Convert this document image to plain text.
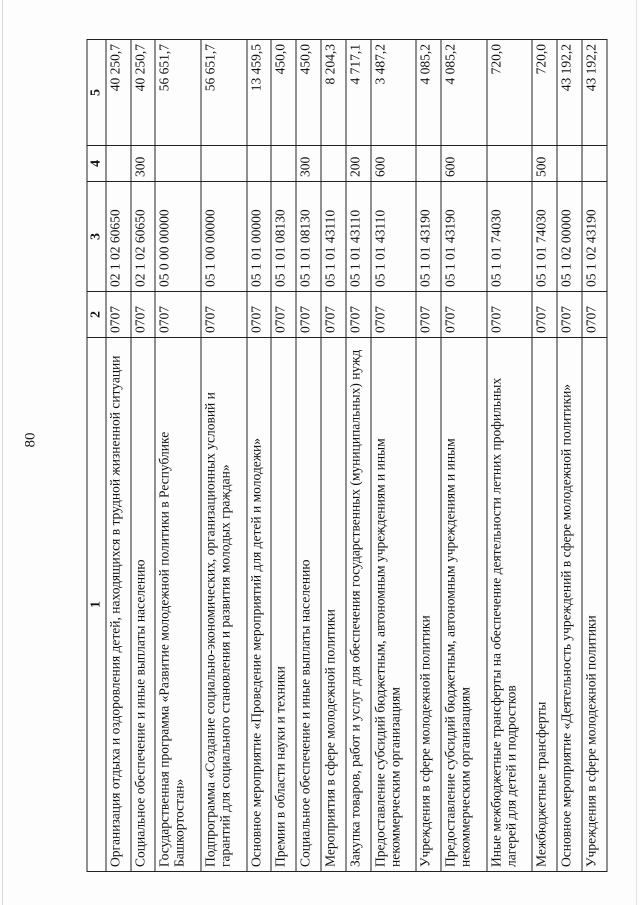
80
1	2	3	4	5
Организация отдыха и оздоровления детей, находящихся в трудной жизненной ситуации	0707	02 1 02 60650		40 250,7
Социальное обеспечение и иные выплаты населению	0707	02 1 02 60650	300	40 250,7
Государственная программа «Развитие молодежной политики в Республике Башкортостан»	0707	05 0 00 00000		56 651,7
Подпрограмма «Создание социально-экономических, организационных условий и гарантий для социального становления и развития молодых граждан»	0707	05 1 00 00000		56 651,7
Основное мероприятие «Проведение мероприятий для детей и молодежи»	0707	05 1 01 00000		13 459,5
Премии в области науки и техники	0707	05 1 01 08130		450,0
Социальное обеспечение и иные выплаты населению	0707	05 1 01 08130	300	450,0
Мероприятия в сфере молодежной политики	0707	05 1 01 43110		8 204,3
Закупка товаров, работ и услуг для обеспечения государственных (муниципальных) нужд	0707	05 1 01 43110	200	4 717,1
Предоставление субсидий бюджетным, автономным учреждениям и иным некоммерческим организациям	0707	05 1 01 43110	600	3 487,2
Учреждения в сфере молодежной политики	0707	05 1 01 43190		4 085,2
Предоставление субсидий бюджетным, автономным учреждениям и иным некоммерческим организациям	0707	05 1 01 43190	600	4 085,2
Иные межбюджетные трансферты на обеспечение деятельности летних профильных лагерей для детей и подростков	0707	05 1 01 74030		720,0
Межбюджетные трансферты	0707	05 1 01 74030	500	720,0
Основное мероприятие «Деятельность учреждений в сфере молодежной политики»	0707	05 1 02 00000		43 192,2
Учреждения в сфере молодежной политики	0707	05 1 02 43190		43 192,2
